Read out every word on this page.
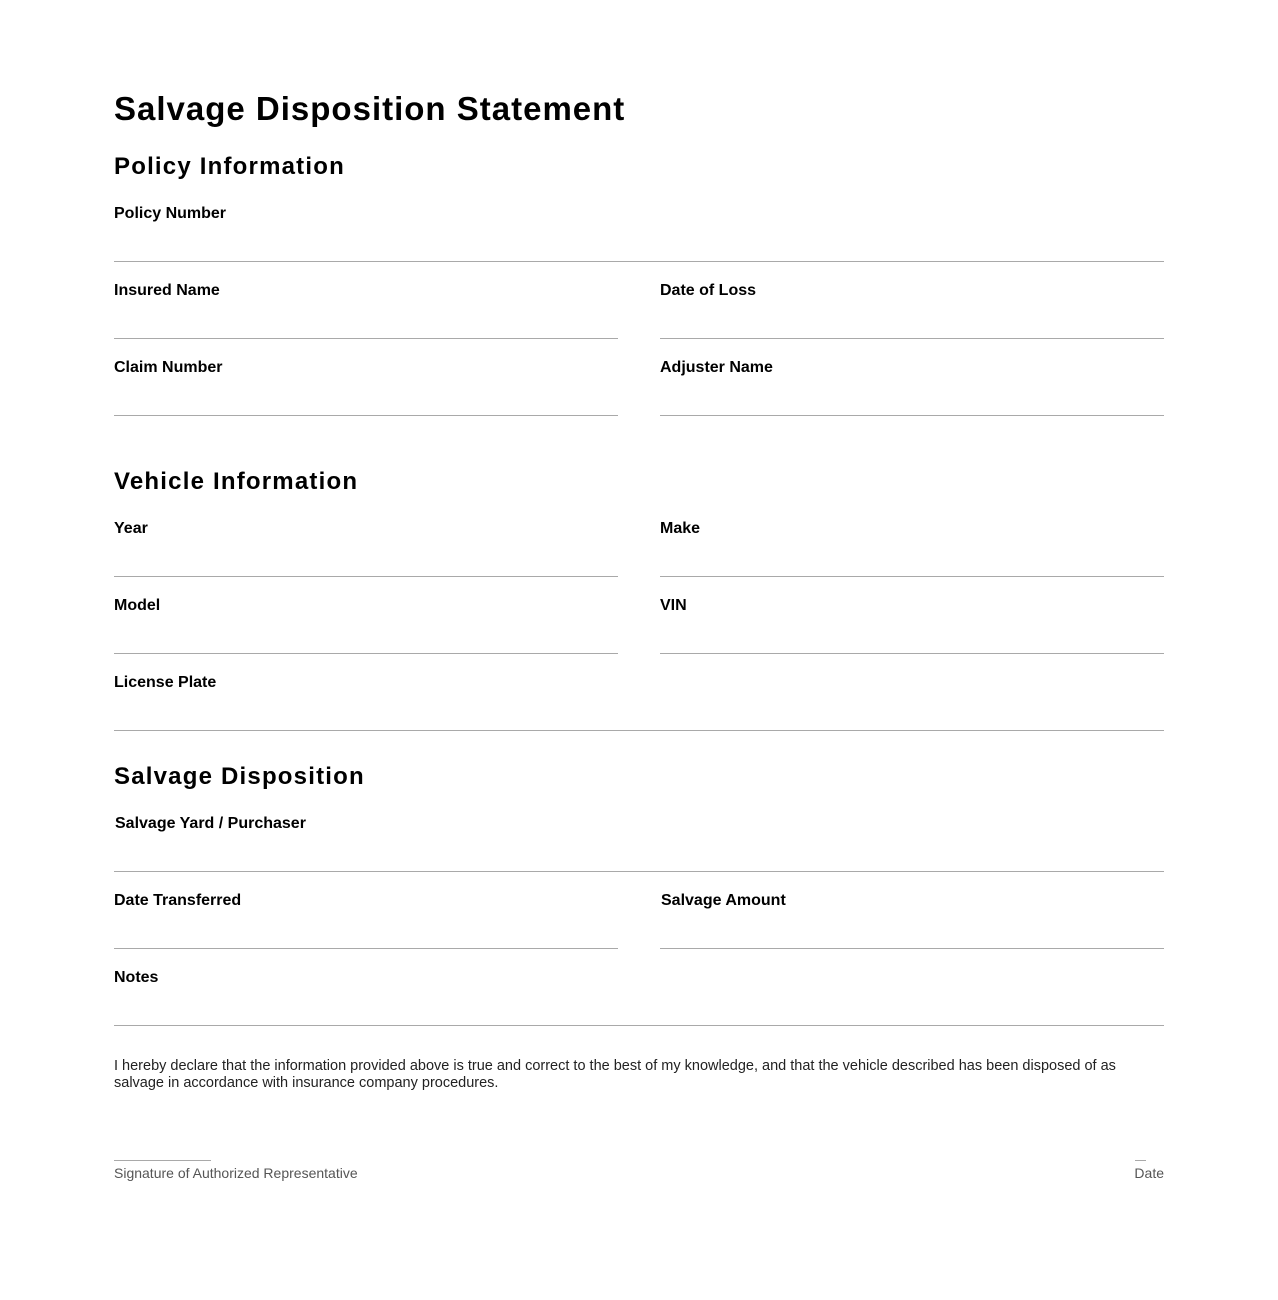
Salvage Disposition Statement
Policy Information
Policy Number
Insured Name	Date of Loss
Claim Number	Adjuster Name
Vehicle Information
Year	Make
Model	VIN
License Plate
Salvage Disposition
Salvage Yard / Purchaser
Date Transferred	Salvage Amount
Notes

I hereby declare that the information provided above is true and correct to the best of my knowledge, and that the vehicle described has been disposed of as salvage in accordance with insurance company procedures.

Signature of Authorized Representative	Date
